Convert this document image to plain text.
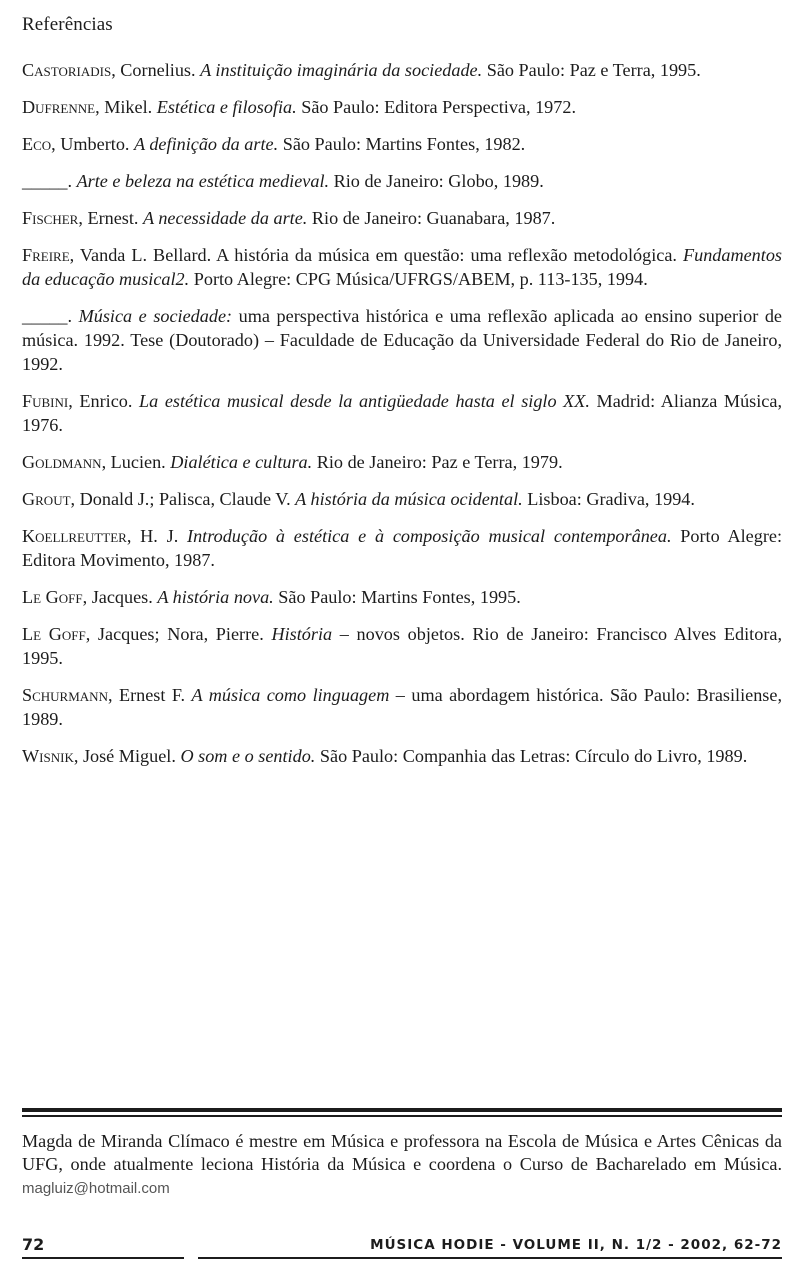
Referências
Castoriadis, Cornelius. A instituição imaginária da sociedade. São Paulo: Paz e Terra, 1995.
Dufrenne, Mikel. Estética e filosofia. São Paulo: Editora Perspectiva, 1972.
Eco, Umberto. A definição da arte. São Paulo: Martins Fontes, 1982.
_____. Arte e beleza na estética medieval. Rio de Janeiro: Globo, 1989.
Fischer, Ernest. A necessidade da arte. Rio de Janeiro: Guanabara, 1987.
Freire, Vanda L. Bellard. A história da música em questão: uma reflexão metodológica. Fundamentos da educação musical2. Porto Alegre: CPG Música/UFRGS/ABEM, p. 113-135, 1994.
_____. Música e sociedade: uma perspectiva histórica e uma reflexão aplicada ao ensino superior de música. 1992. Tese (Doutorado) – Faculdade de Educação da Universidade Federal do Rio de Janeiro, 1992.
Fubini, Enrico. La estética musical desde la antigüedade hasta el siglo XX. Madrid: Alianza Música, 1976.
Goldmann, Lucien. Dialética e cultura. Rio de Janeiro: Paz e Terra, 1979.
Grout, Donald J.; Palisca, Claude V. A história da música ocidental. Lisboa: Gradiva, 1994.
Koellreutter, H. J. Introdução à estética e à composição musical contemporânea. Porto Alegre: Editora Movimento, 1987.
Le Goff, Jacques. A história nova. São Paulo: Martins Fontes, 1995.
Le Goff, Jacques; Nora, Pierre. História – novos objetos. Rio de Janeiro: Francisco Alves Editora, 1995.
Schurmann, Ernest F. A música como linguagem – uma abordagem histórica. São Paulo: Brasiliense, 1989.
Wisnik, José Miguel. O som e o sentido. São Paulo: Companhia das Letras: Círculo do Livro, 1989.
Magda de Miranda Clímaco é mestre em Música e professora na Escola de Música e Artes Cênicas da UFG, onde atualmente leciona História da Música e coordena o Curso de Bacharelado em Música. magluiz@hotmail.com
72	MÚSICA HODIE - VOLUME II, N. 1/2 - 2002, 62-72
